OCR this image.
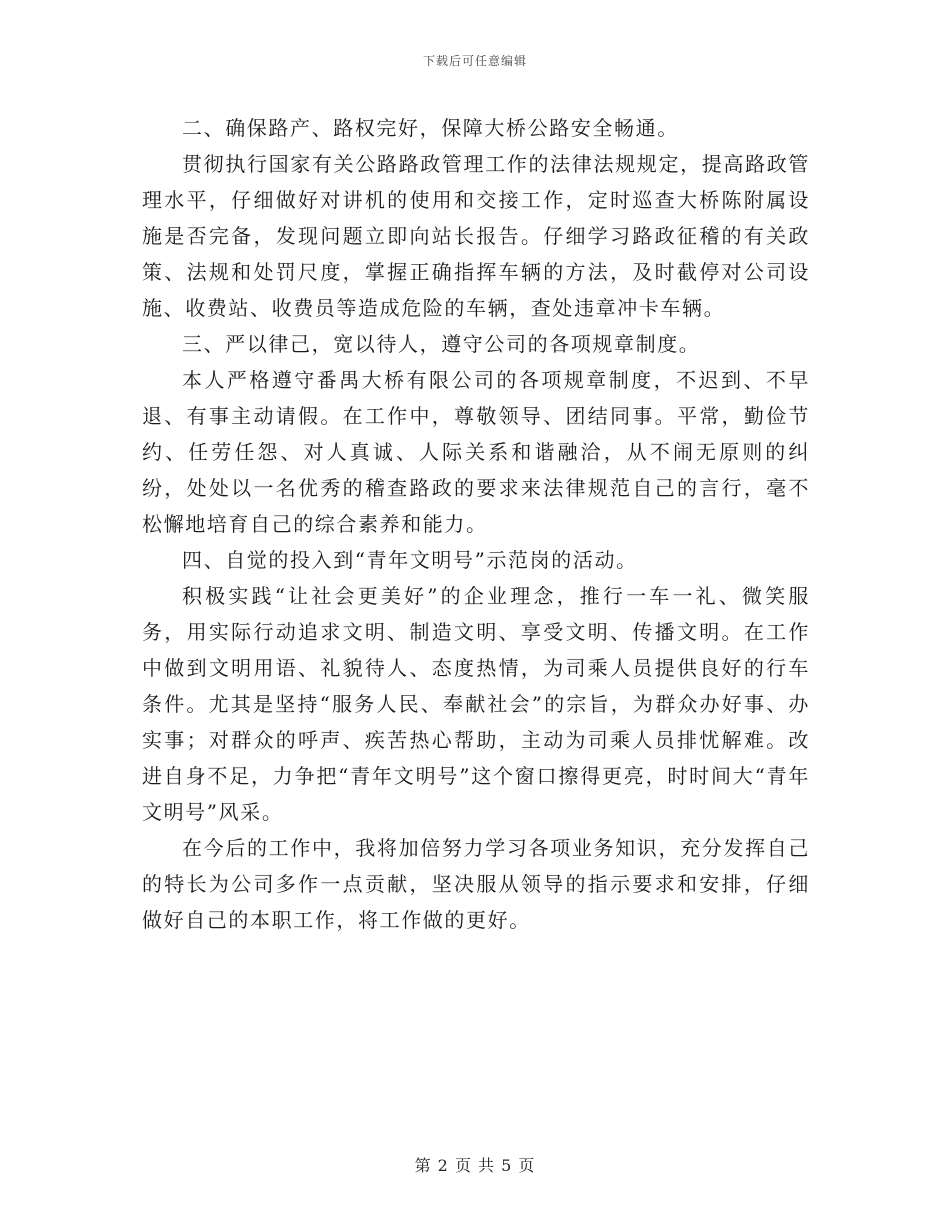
下载后可任意编辑

二、确保路产、路权完好，保障大桥公路安全畅通。

贯彻执行国家有关公路路政管理工作的法律法规规定，提高路政管理水平，仔细做好对讲机的使用和交接工作，定时巡查大桥陈附属设施是否完备，发现问题立即向站长报告。仔细学习路政征稽的有关政策、法规和处罚尺度，掌握正确指挥车辆的方法，及时截停对公司设施、收费站、收费员等造成危险的车辆，查处违章冲卡车辆。

三、严以律己，宽以待人，遵守公司的各项规章制度。

本人严格遵守番禺大桥有限公司的各项规章制度，不迟到、不早退、有事主动请假。在工作中，尊敬领导、团结同事。平常，勤俭节约、任劳任怨、对人真诚、人际关系和谐融洽，从不闹无原则的纠纷，处处以一名优秀的稽查路政的要求来法律规范自己的言行，毫不松懈地培育自己的综合素养和能力。

四、自觉的投入到“青年文明号”示范岗的活动。

积极实践“让社会更美好”的企业理念，推行一车一礼、微笑服务，用实际行动追求文明、制造文明、享受文明、传播文明。在工作中做到文明用语、礼貌待人、态度热情，为司乘人员提供良好的行车条件。尤其是坚持“服务人民、奉献社会”的宗旨，为群众办好事、办实事；对群众的呼声、疾苦热心帮助，主动为司乘人员排忧解难。改进自身不足，力争把“青年文明号”这个窗口擦得更亮，时时间大“青年文明号”风采。

在今后的工作中，我将加倍努力学习各项业务知识，充分发挥自己的特长为公司多作一点贡献，坚决服从领导的指示要求和安排，仔细做好自己的本职工作，将工作做的更好。

第 2 页 共 5 页
